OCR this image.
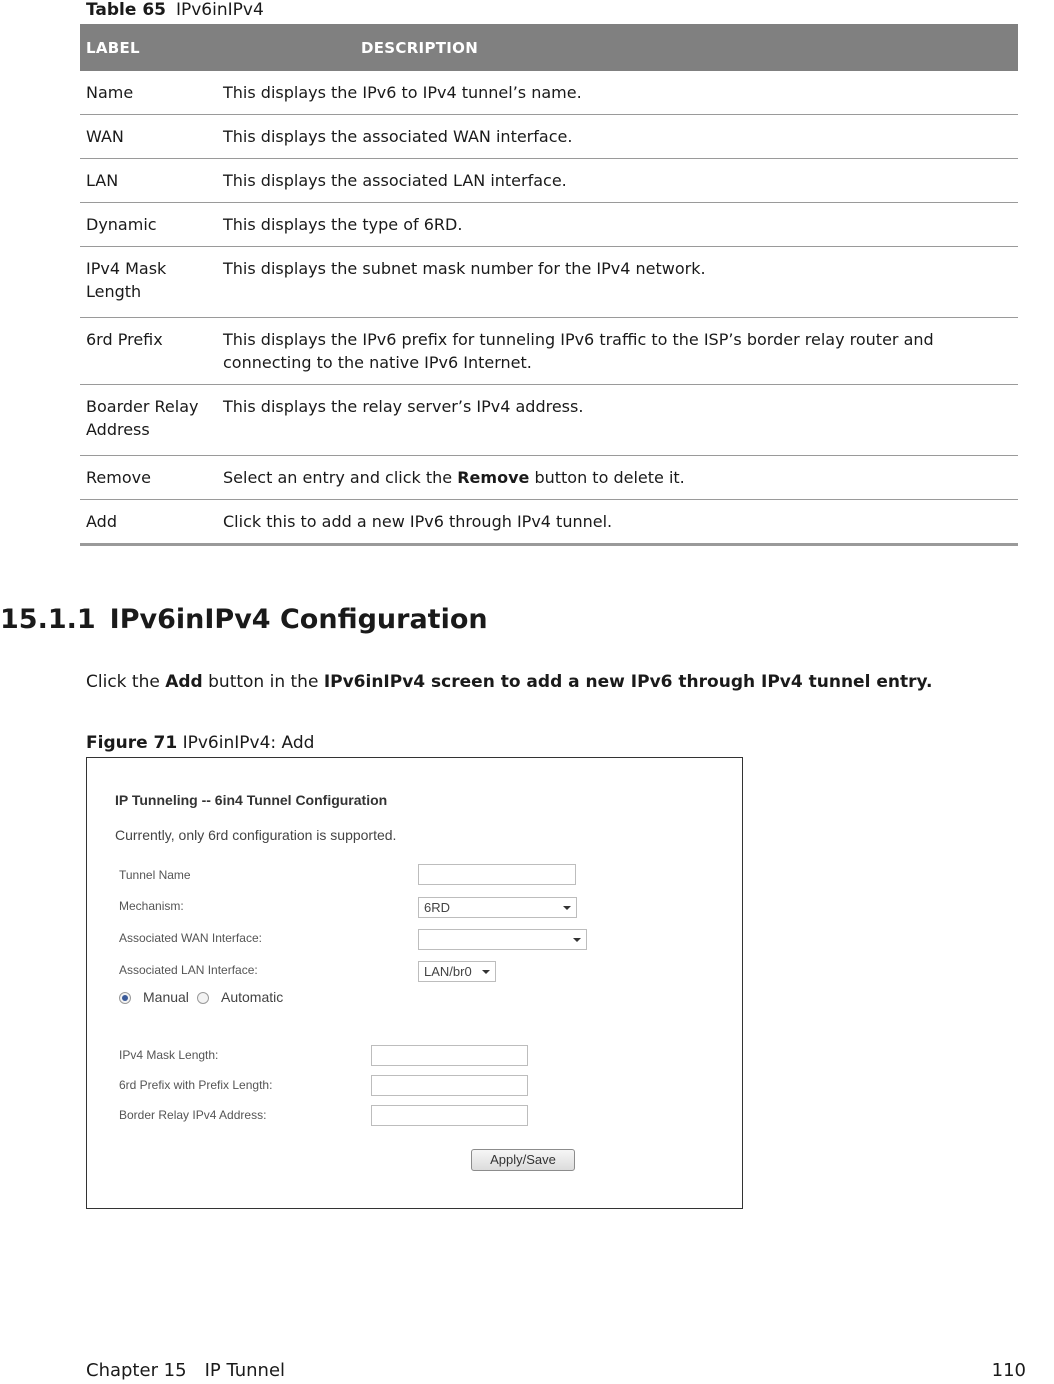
Table 65 IPv6inIPv4
LABEL	DESCRIPTION
Name	This displays the IPv6 to IPv4 tunnel’s name.
WAN	This displays the associated WAN interface.
LAN	This displays the associated LAN interface.
Dynamic	This displays the type of 6RD.
IPv4 Mask Length	This displays the subnet mask number for the IPv4 network.
6rd Prefix	This displays the IPv6 prefix for tunneling IPv6 traffic to the ISP’s border relay router and connecting to the native IPv6 Internet.
Boarder Relay Address	This displays the relay server’s IPv4 address.
Remove	Select an entry and click the Remove button to delete it.
Add	Click this to add a new IPv6 through IPv4 tunnel.
15.1.1 IPv6inIPv4 Configuration
Click the Add button in the IPv6inIPv4 screen to add a new IPv6 through IPv4 tunnel entry.
Figure 71 IPv6inIPv4: Add
IP Tunneling -- 6in4 Tunnel Configuration
Currently, only 6rd configuration is supported.
Tunnel Name
Mechanism:	6RD
Associated WAN Interface:
Associated LAN Interface:	LAN/br0
Manual Automatic
IPv4 Mask Length:
6rd Prefix with Prefix Length:
Border Relay IPv4 Address:
Apply/Save
Chapter 15 IP Tunnel	110
